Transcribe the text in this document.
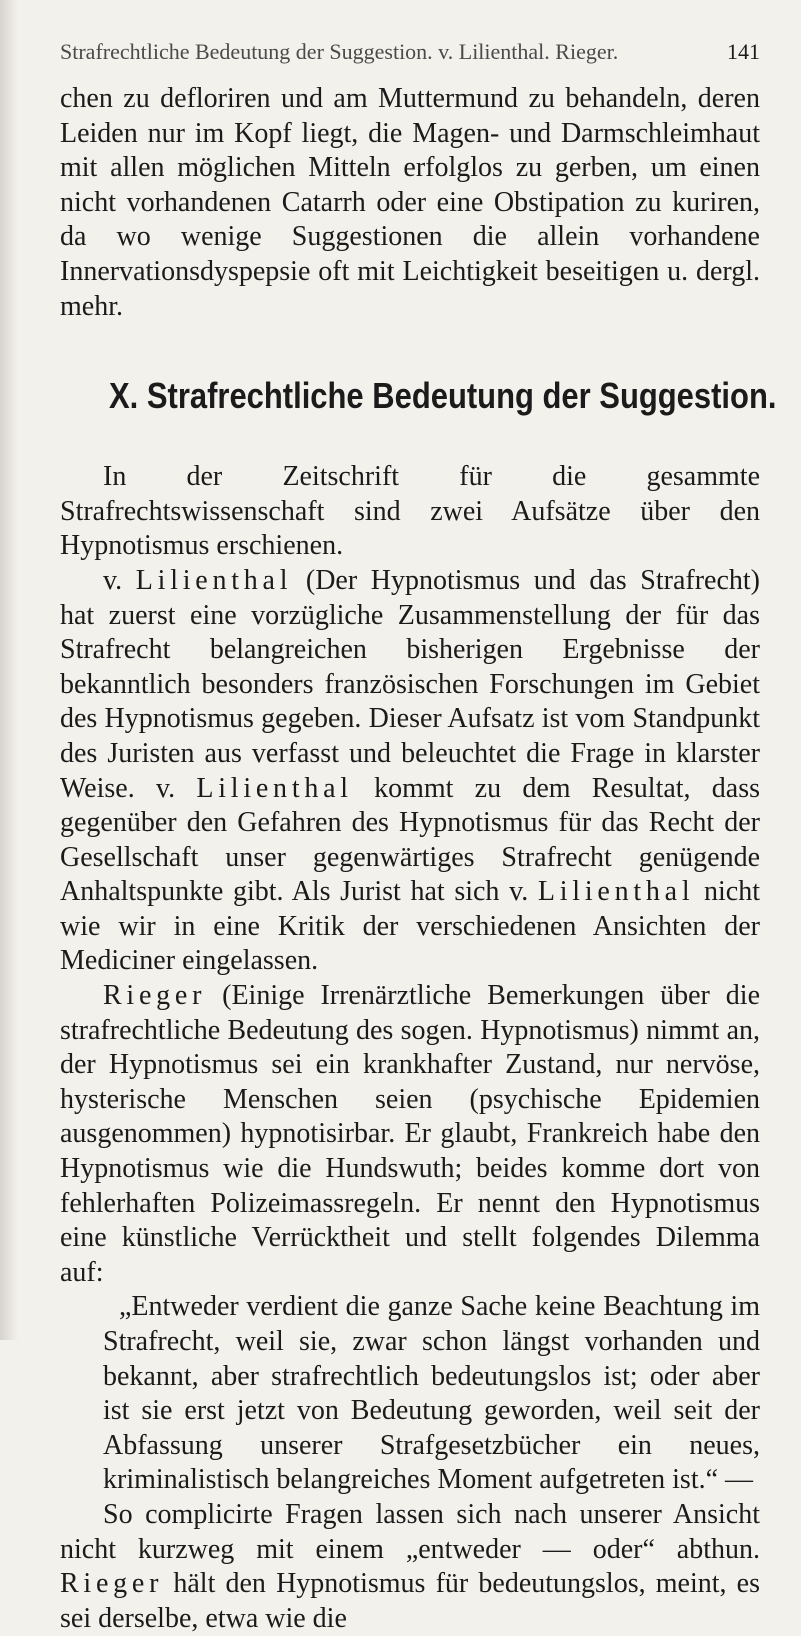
Strafrechtliche Bedeutung der Suggestion. v. Lilienthal. Rieger.	141

chen zu defloriren und am Muttermund zu behandeln, deren Leiden nur im Kopf liegt, die Magen- und Darmschleimhaut mit allen möglichen Mitteln erfolglos zu gerben, um einen nicht vorhandenen Catarrh oder eine Obstipation zu kuriren, da wo wenige Suggestionen die allein vorhandene Innervationsdyspepsie oft mit Leichtigkeit beseitigen u. dergl. mehr.

X. Strafrechtliche Bedeutung der Suggestion.

In der Zeitschrift für die gesammte Strafrechtswissenschaft sind zwei Aufsätze über den Hypnotismus erschienen.

v. Lilienthal (Der Hypnotismus und das Strafrecht) hat zuerst eine vorzügliche Zusammenstellung der für das Strafrecht belangreichen bisherigen Ergebnisse der bekanntlich besonders französischen Forschungen im Gebiet des Hypnotismus gegeben. Dieser Aufsatz ist vom Standpunkt des Juristen aus verfasst und beleuchtet die Frage in klarster Weise. v. Lilienthal kommt zu dem Resultat, dass gegenüber den Gefahren des Hypnotismus für das Recht der Gesellschaft unser gegenwärtiges Strafrecht genügende Anhaltspunkte gibt. Als Jurist hat sich v. Lilienthal nicht wie wir in eine Kritik der verschiedenen Ansichten der Mediciner eingelassen.

Rieger (Einige Irrenärztliche Bemerkungen über die strafrechtliche Bedeutung des sogen. Hypnotismus) nimmt an, der Hypnotismus sei ein krankhafter Zustand, nur nervöse, hysterische Menschen seien (psychische Epidemien ausgenommen) hypnotisirbar. Er glaubt, Frankreich habe den Hypnotismus wie die Hundswuth; beides komme dort von fehlerhaften Polizeimassregeln. Er nennt den Hypnotismus eine künstliche Verrücktheit und stellt folgendes Dilemma auf:

„Entweder verdient die ganze Sache keine Beachtung im Strafrecht, weil sie, zwar schon längst vorhanden und bekannt, aber strafrechtlich bedeutungslos ist; oder aber ist sie erst jetzt von Bedeutung geworden, weil seit der Abfassung unserer Strafgesetzbücher ein neues, kriminalistisch belangreiches Moment aufgetreten ist.“ —

So complicirte Fragen lassen sich nach unserer Ansicht nicht kurzweg mit einem „entweder — oder“ abthun. Rieger hält den Hypnotismus für bedeutungslos, meint, es sei derselbe, etwa wie die
